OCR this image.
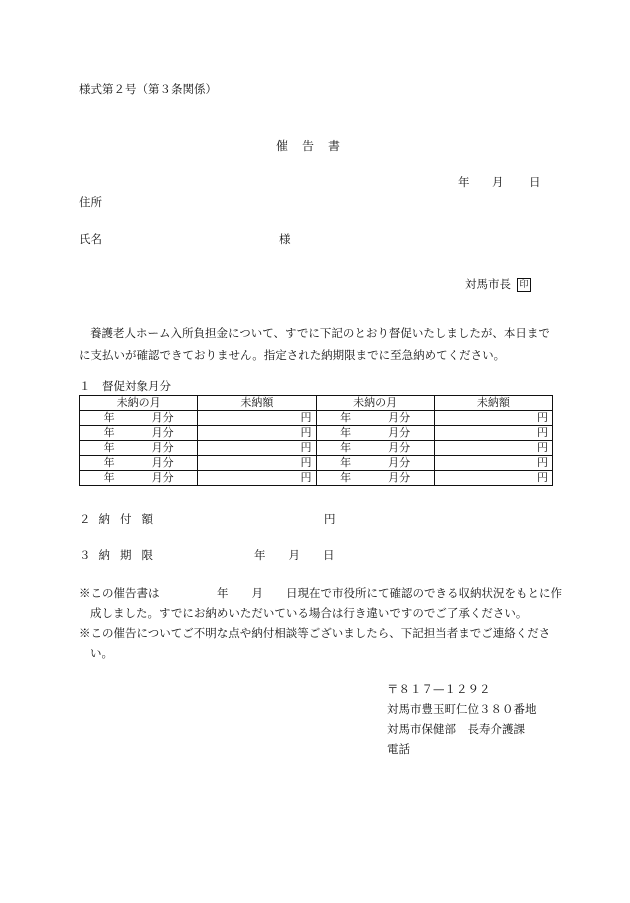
様式第２号（第３条関係）
催告書
年 月 日
住所
氏名	様
対馬市長 印
養護老人ホーム入所負担金について、すでに下記のとおり督促いたしましたが、本日までに支払いが確認できておりません。指定された納期限までに至急納めてください。
１　督促対象月分
未納の月	未納額	未納の月	未納額
年 月分	円	年 月分	円
年 月分	円	年 月分	円
年 月分	円	年 月分	円
年 月分	円	年 月分	円
年 月分	円	年 月分	円
２ 納付額	円
３ 納期限	年　　月　　日
※この催告書は　　　　　年　　月　　日現在で市役所にて確認のできる収納状況をもとに作成しました。すでにお納めいただいている場合は行き違いですのでご了承ください。
※この催告についてご不明な点や納付相談等ございましたら、下記担当者までご連絡ください。
〒８１７—１２９２
対馬市豊玉町仁位３８０番地
対馬市保健部　長寿介護課
電話
